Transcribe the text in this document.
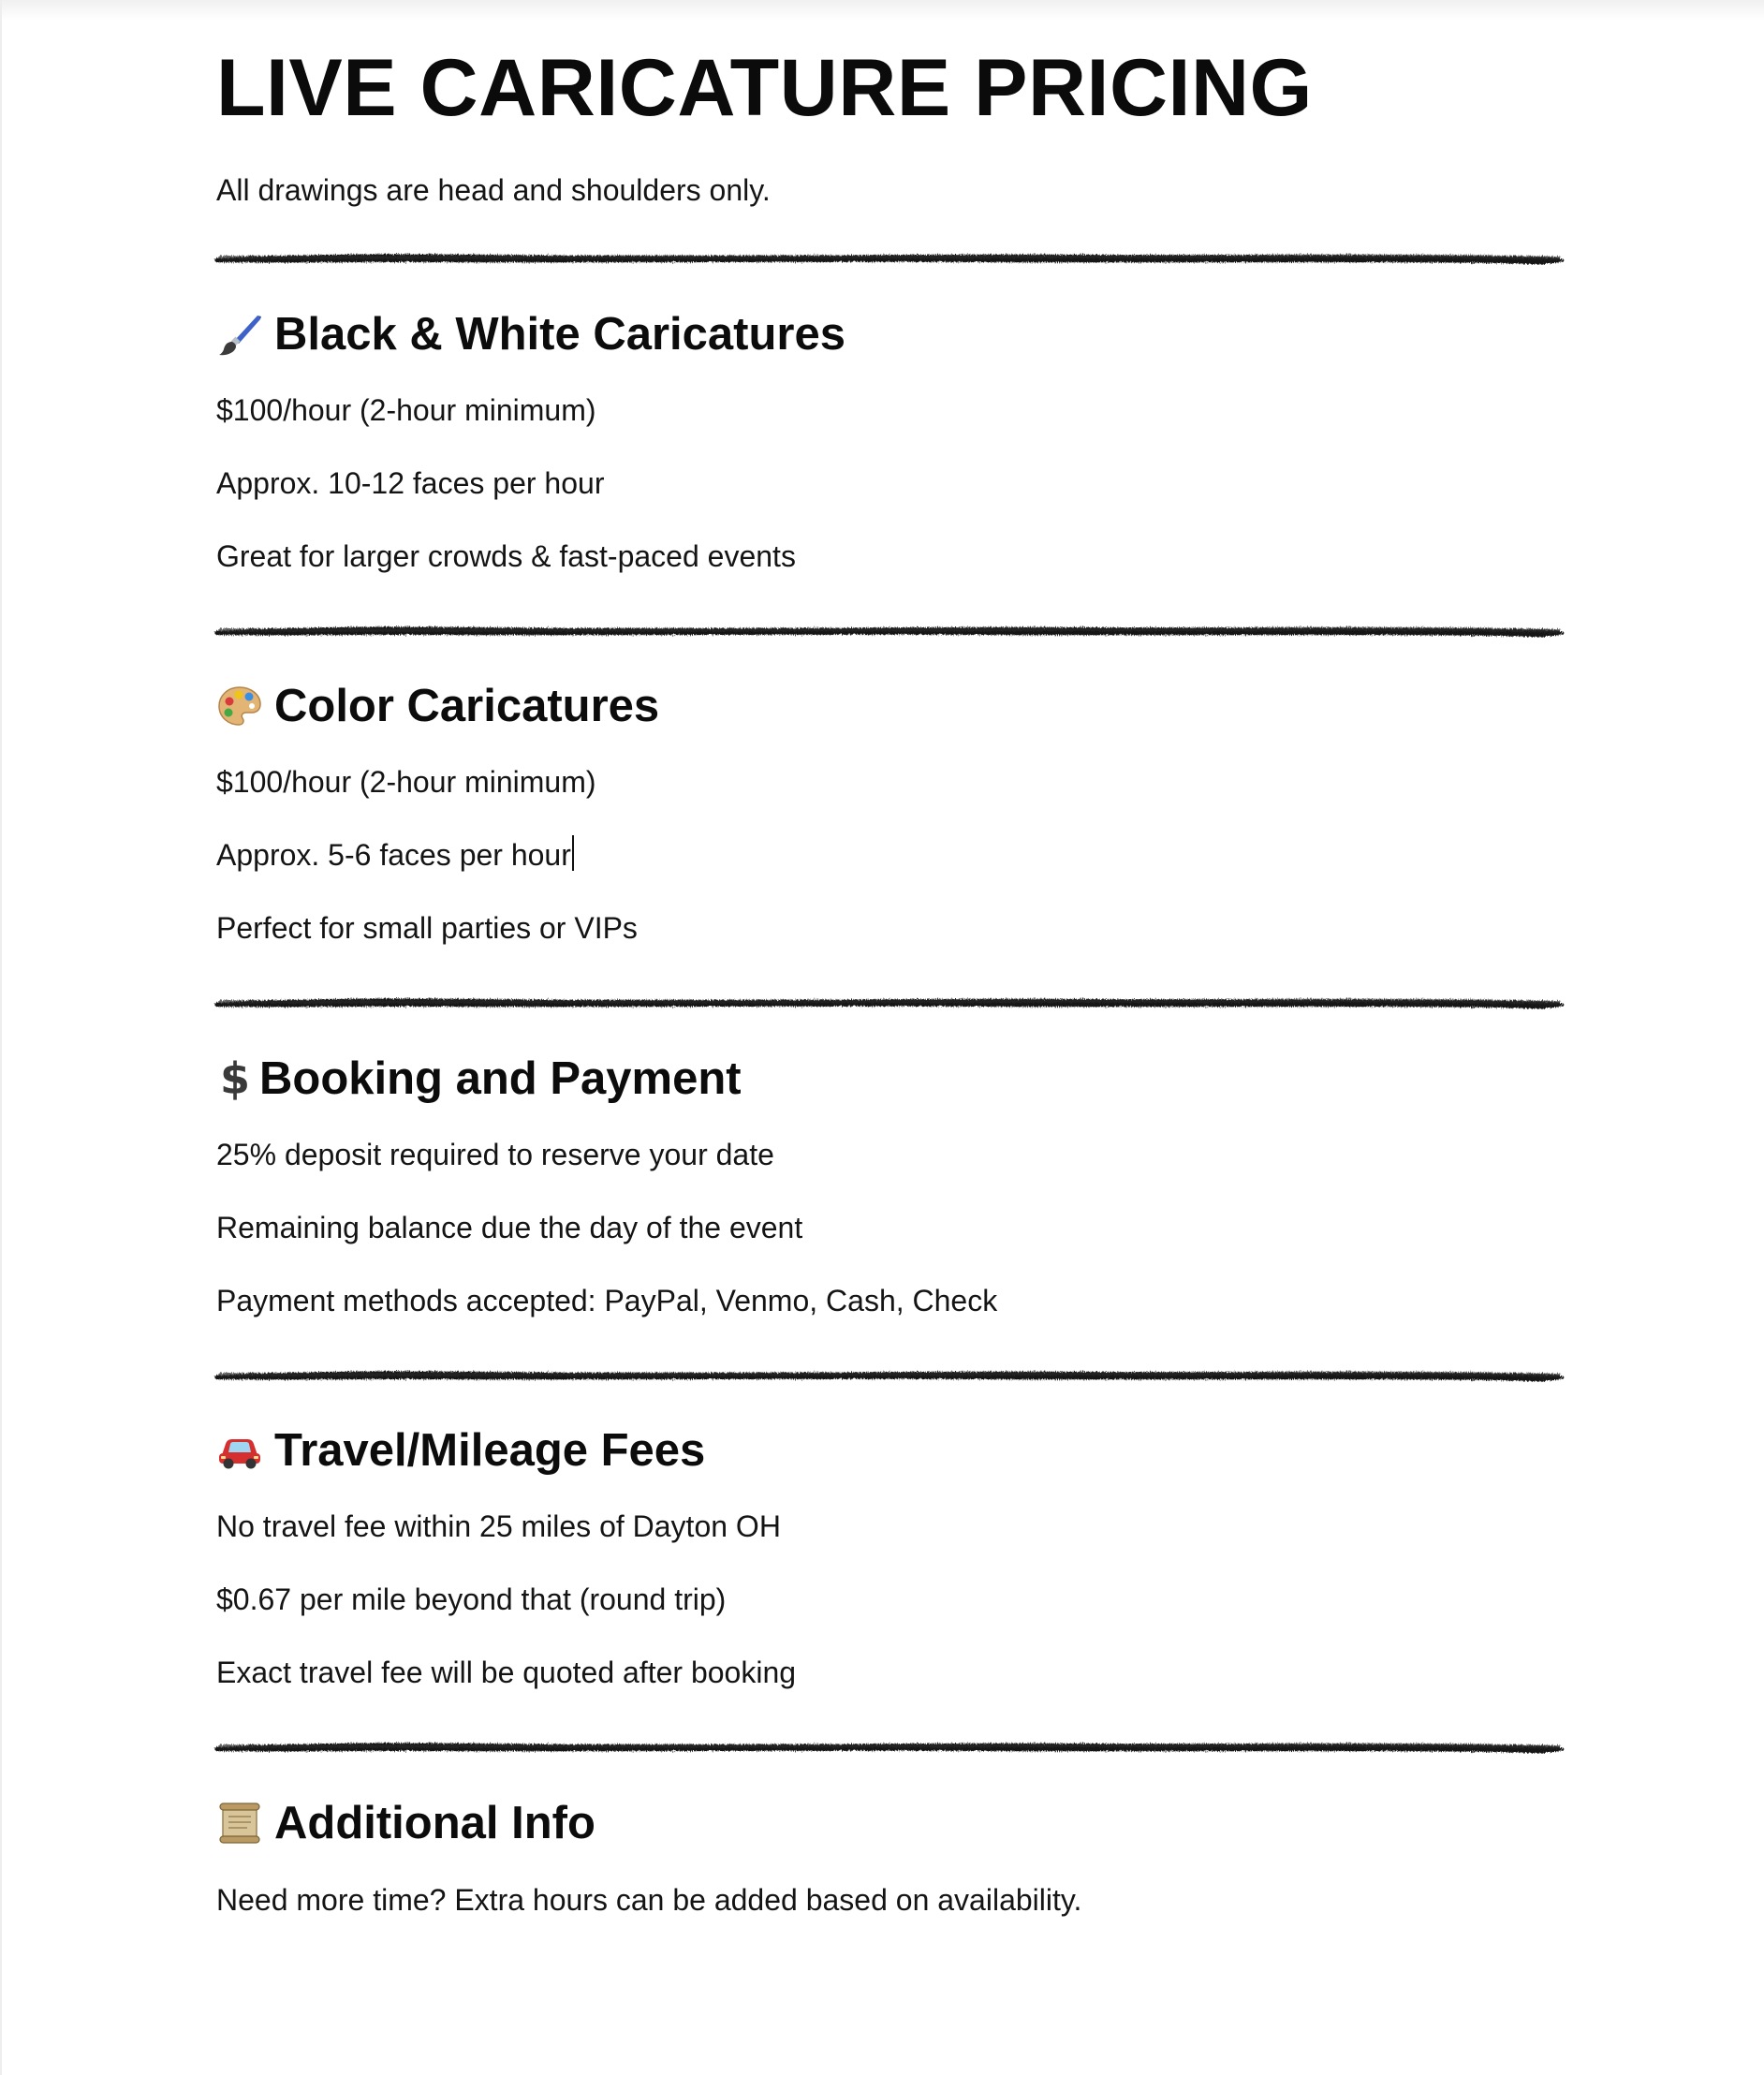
LIVE CARICATURE PRICING

All drawings are head and shoulders only.

Black & White Caricatures

$100/hour (2-hour minimum)

Approx. 10-12 faces per hour

Great for larger crowds & fast-paced events

Color Caricatures

$100/hour (2-hour minimum)

Approx. 5-6 faces per hour

Perfect for small parties or VIPs

$ Booking and Payment

25% deposit required to reserve your date

Remaining balance due the day of the event

Payment methods accepted: PayPal, Venmo, Cash, Check

Travel/Mileage Fees

No travel fee within 25 miles of Dayton OH

$0.67 per mile beyond that (round trip)

Exact travel fee will be quoted after booking

Additional Info

Need more time? Extra hours can be added based on availability.
